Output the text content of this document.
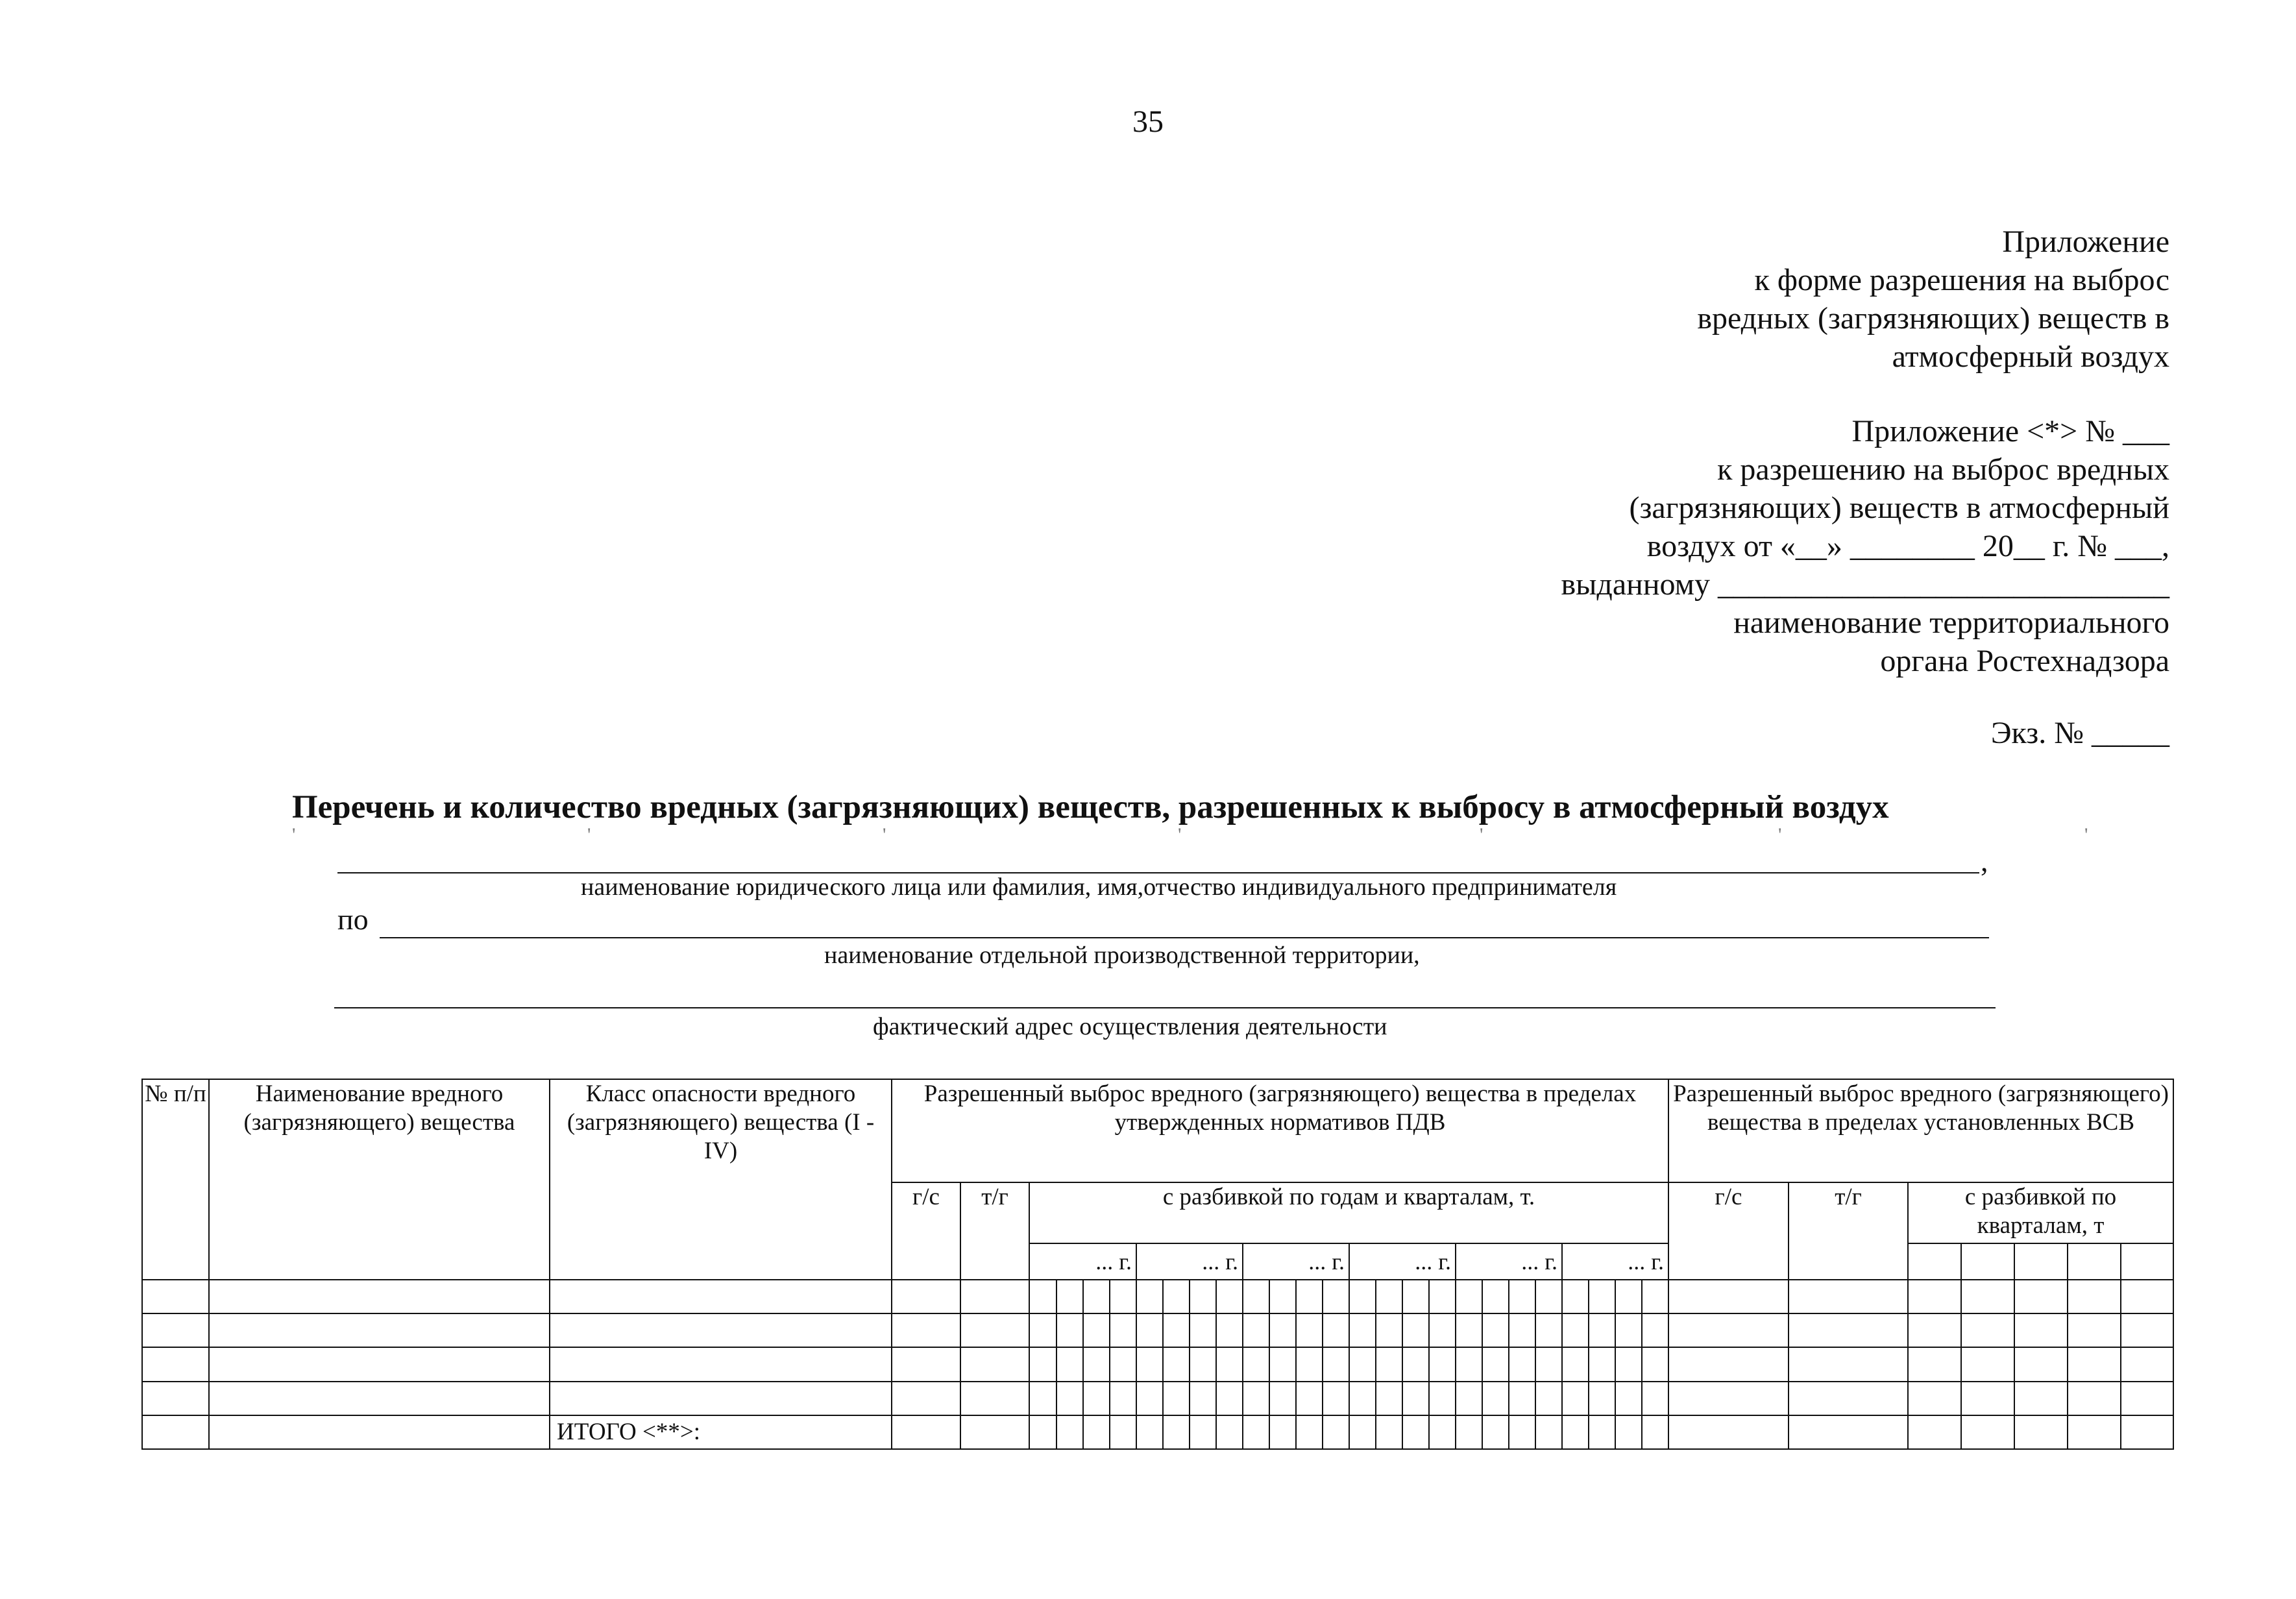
35
Приложение
к форме разрешения на выброс
вредных (загрязняющих) веществ в
атмосферный воздух
Приложение <*> № ___
к разрешению на выброс вредных
(загрязняющих) веществ в атмосферный
воздух от «__» ________ 20__ г. № ___,
выданному _____________________________
наименование территориального
органа Ростехнадзора
Экз. № _____
Перечень и количество вредных (загрязняющих) веществ, разрешенных к выбросу в атмосферный воздух
,
'	'	'	'	'	'	'
наименование юридического лица или фамилия, имя,отчество индивидуального предпринимателя
по
наименование отдельной производственной территории,
фактический адрес осуществления деятельности
№ п/п	Наименование вредного (загрязняющего) вещества	Класс опасности вредного (загрязняющего) вещества (I - IV)	Разрешенный выброс вредного (загрязняющего) вещества в пределах утвержденных нормативов ПДВ																										Разрешенный выброс вредного (загрязняющего) вещества в пределах установленных ВСВ						
			г/с	т/г	с разбивкой по годам и кварталам, т.																								г/с	т/г	с разбивкой по кварталам, т				
					... г.				... г.				... г.				... г.				... г.				... г.										

		ИТОГО <**>:																																	
